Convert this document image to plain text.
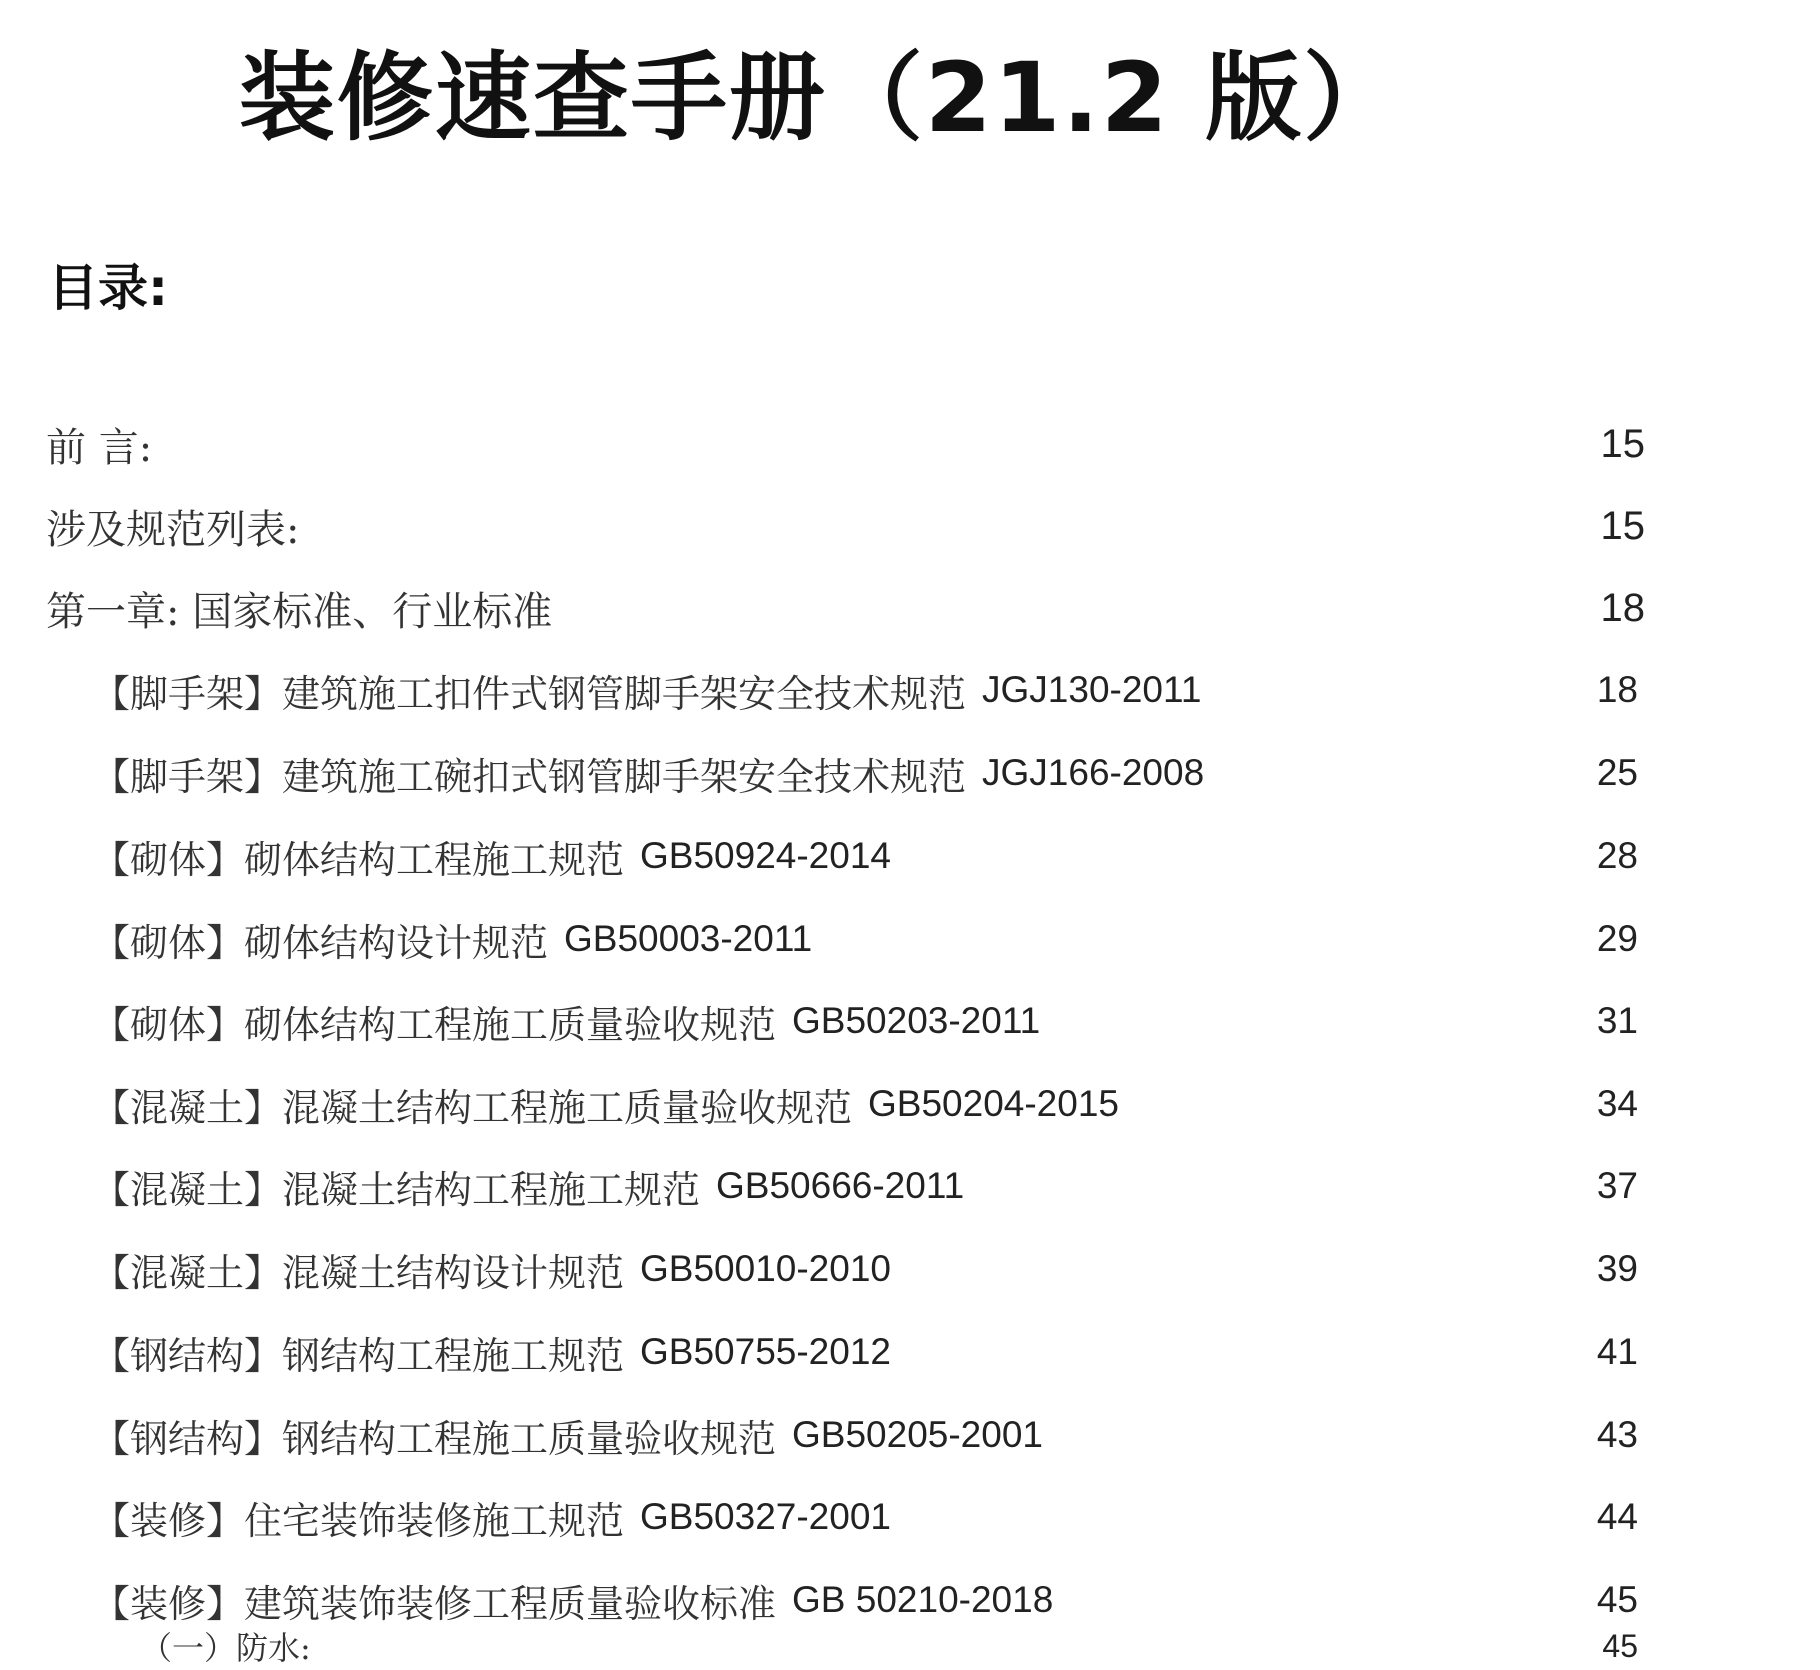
装修速查手册（21.2 版）
目录:
前 言:	15
涉及规范列表:	15
第一章: 国家标准、行业标准	18
【脚手架】建筑施工扣件式钢管脚手架安全技术规范 JGJ130-2011	18
【脚手架】建筑施工碗扣式钢管脚手架安全技术规范 JGJ166-2008	25
【砌体】砌体结构工程施工规范 GB50924-2014	28
【砌体】砌体结构设计规范 GB50003-2011	29
【砌体】砌体结构工程施工质量验收规范 GB50203-2011	31
【混凝土】混凝土结构工程施工质量验收规范 GB50204-2015	34
【混凝土】混凝土结构工程施工规范 GB50666-2011	37
【混凝土】混凝土结构设计规范 GB50010-2010	39
【钢结构】钢结构工程施工规范 GB50755-2012	41
【钢结构】钢结构工程施工质量验收规范 GB50205-2001	43
【装修】住宅装饰装修施工规范 GB50327-2001	44
【装修】建筑装饰装修工程质量验收标准 GB 50210-2018	45
（一）防水:	45
